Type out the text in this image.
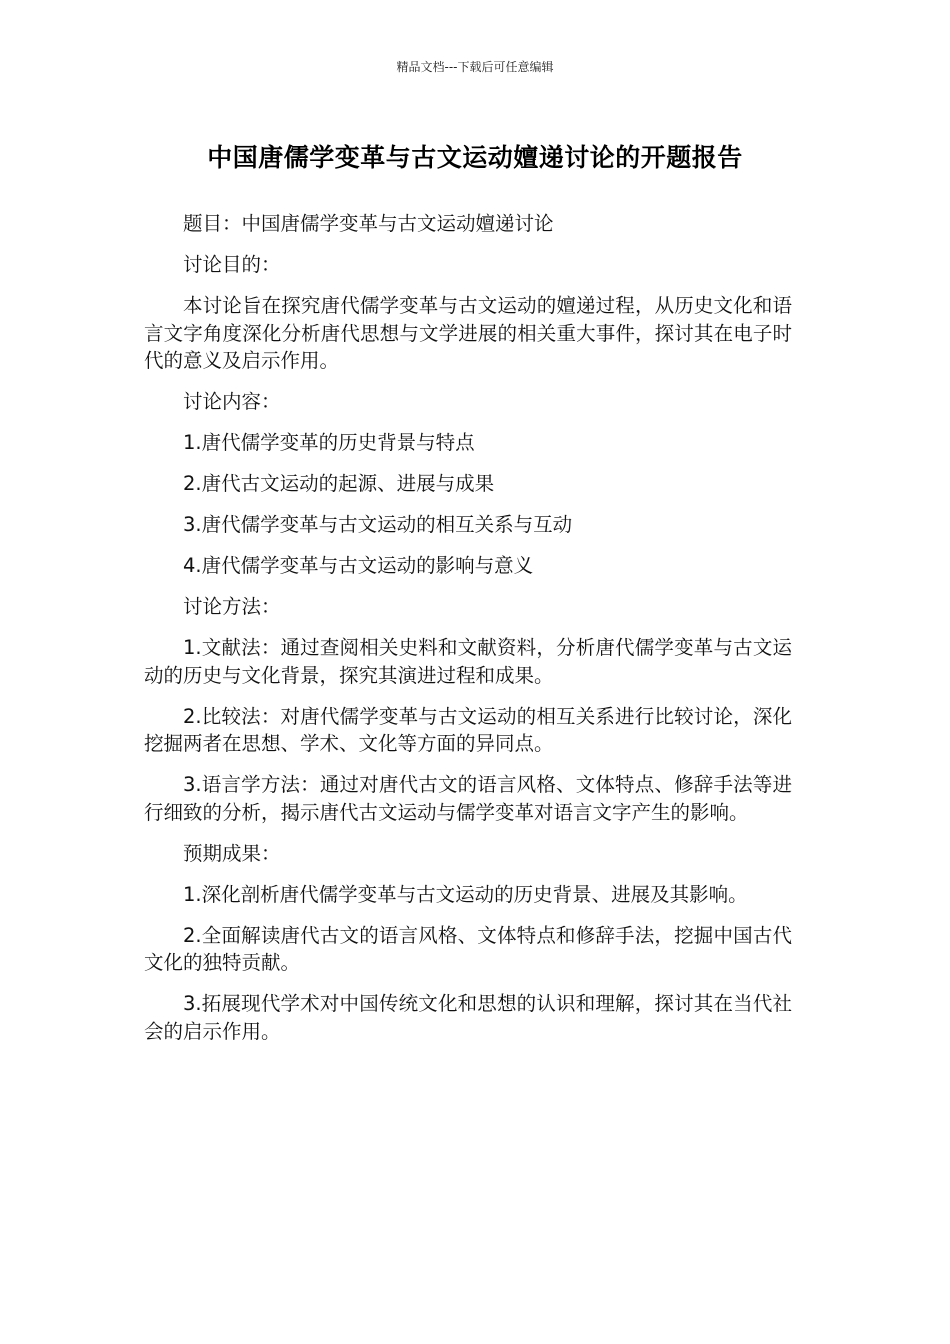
精品文档---下载后可任意编辑
中国唐儒学变革与古文运动嬗递讨论的开题报告

题目：中国唐儒学变革与古文运动嬗递讨论

讨论目的：

本讨论旨在探究唐代儒学变革与古文运动的嬗递过程，从历史文化和语言文字角度深化分析唐代思想与文学进展的相关重大事件，探讨其在电子时代的意义及启示作用。

讨论内容：

1.唐代儒学变革的历史背景与特点

2.唐代古文运动的起源、进展与成果

3.唐代儒学变革与古文运动的相互关系与互动

4.唐代儒学变革与古文运动的影响与意义

讨论方法：

1.文献法：通过查阅相关史料和文献资料，分析唐代儒学变革与古文运动的历史与文化背景，探究其演进过程和成果。

2.比较法：对唐代儒学变革与古文运动的相互关系进行比较讨论，深化挖掘两者在思想、学术、文化等方面的异同点。

3.语言学方法：通过对唐代古文的语言风格、文体特点、修辞手法等进行细致的分析，揭示唐代古文运动与儒学变革对语言文字产生的影响。

预期成果：

1.深化剖析唐代儒学变革与古文运动的历史背景、进展及其影响。

2.全面解读唐代古文的语言风格、文体特点和修辞手法，挖掘中国古代文化的独特贡献。

3.拓展现代学术对中国传统文化和思想的认识和理解，探讨其在当代社会的启示作用。
